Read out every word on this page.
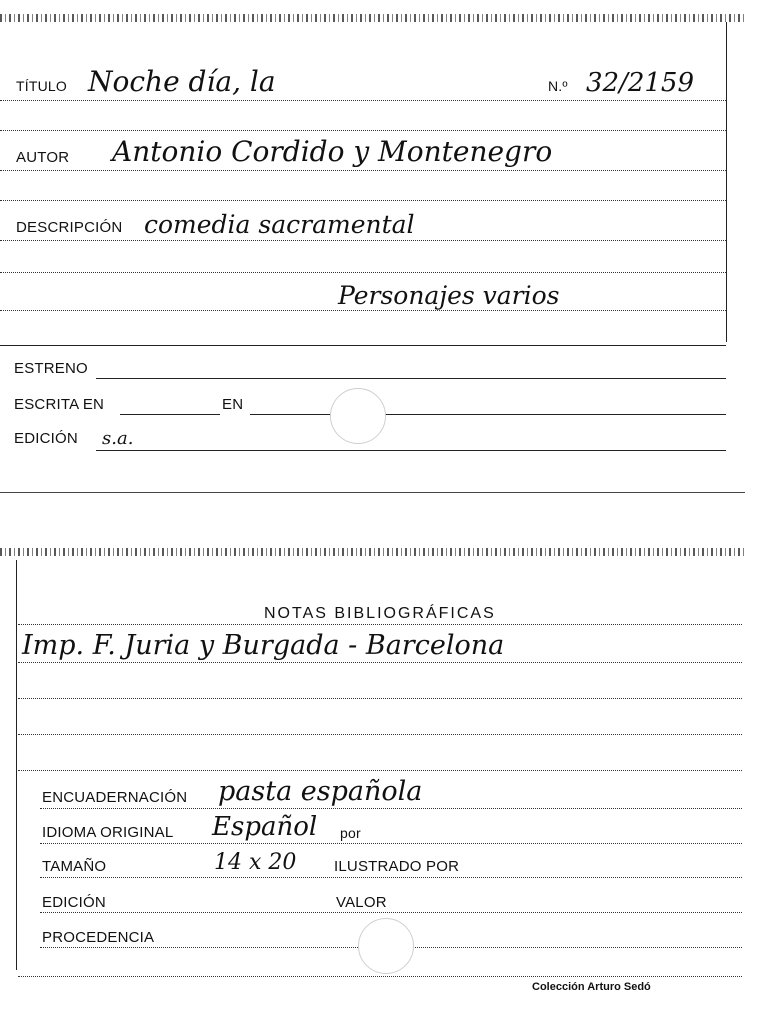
TÍTULO Noche día, la	N.º 32/2159
AUTOR Antonio Cordido y Montenegro
DESCRIPCIÓN comedia sacramental
Personajes varios
ESTRENO
ESCRITA EN	EN
EDICIÓN s.a.
NOTAS BIBLIOGRÁFICAS
Imp. F. Juria y Burgada - Barcelona
ENCUADERNACIÓN pasta española
IDIOMA ORIGINAL Español por
TAMAÑO	14 x 20	ILUSTRADO POR
EDICIÓN	VALOR
PROCEDENCIA
Colección Arturo Sedó
